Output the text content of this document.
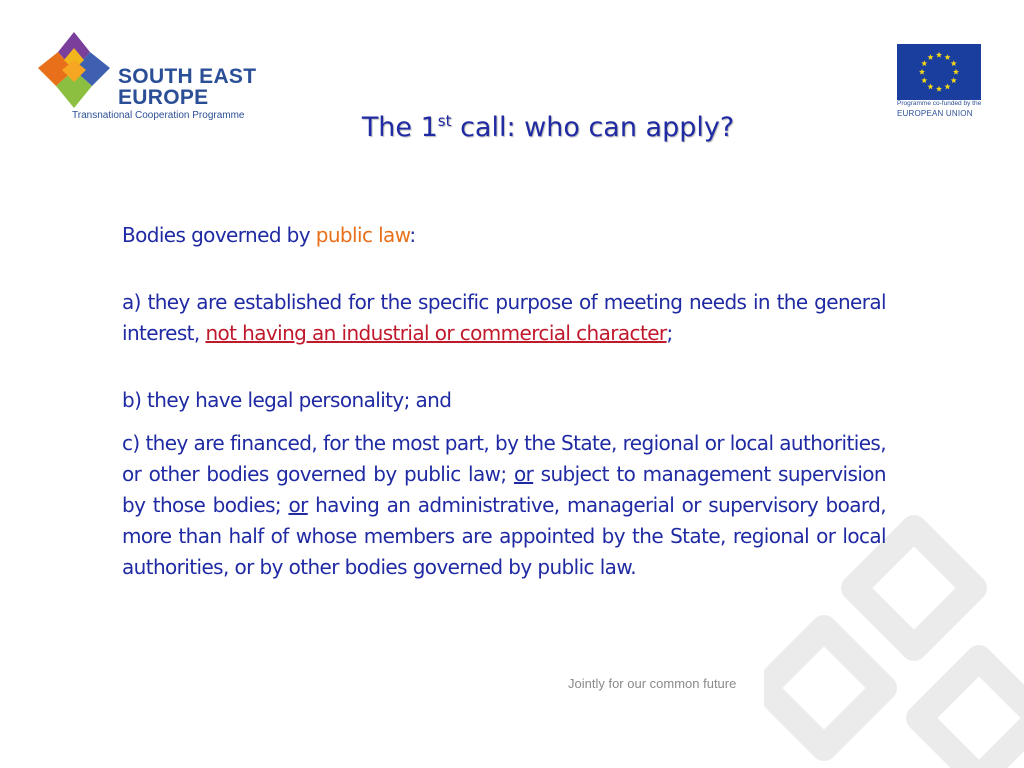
SOUTH EAST
EUROPE
Transnational Cooperation Programme
Programme co-funded by the
EUROPEAN UNION
The 1st call: who can apply?

Bodies governed by public law:

a) they are established for the specific purpose of meeting needs in the general interest, not having an industrial or commercial character;

b) they have legal personality; and

c) they are financed, for the most part, by the State, regional or local authorities, or other bodies governed by public law; or subject to management supervision by those bodies; or having an administrative, managerial or supervisory board, more than half of whose members are appointed by the State, regional or local authorities, or by other bodies governed by public law.

Jointly for our common future
